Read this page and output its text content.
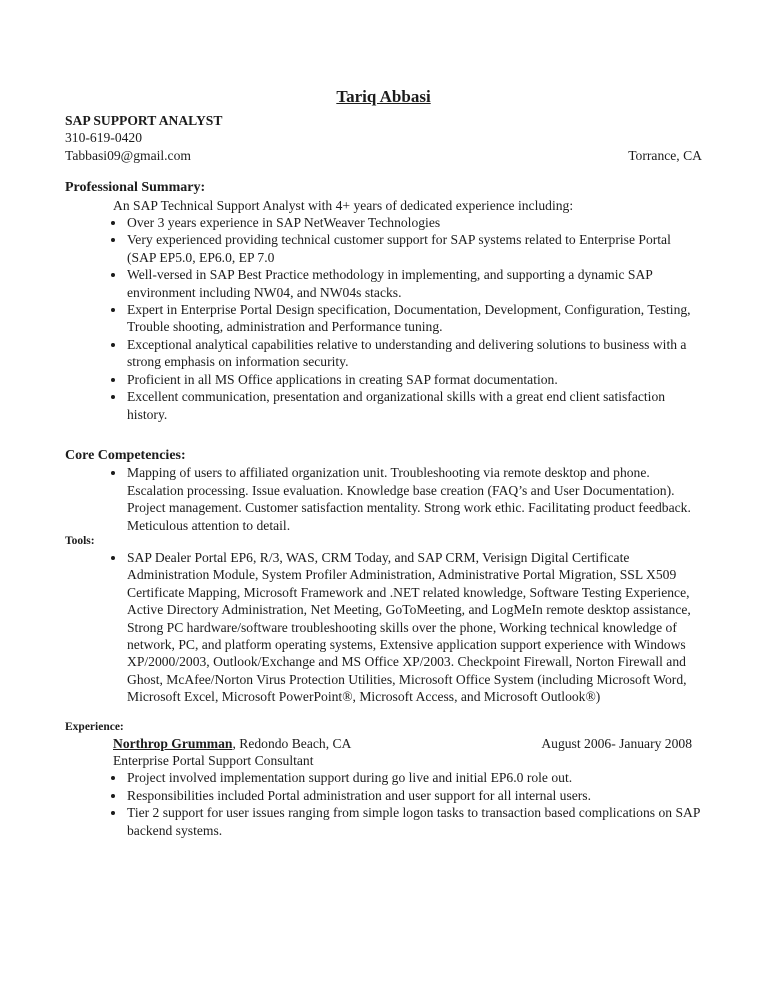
Tariq Abbasi
SAP SUPPORT ANALYST
310-619-0420
Tabbasi09@gmail.com	Torrance, CA
Professional Summary:

An SAP Technical Support Analyst with 4+ years of dedicated experience including:

• Over 3 years experience in SAP NetWeaver Technologies
• Very experienced providing technical customer support for SAP systems related to Enterprise Portal (SAP EP5.0, EP6.0, EP 7.0
• Well-versed in SAP Best Practice methodology in implementing, and supporting a dynamic SAP environment including NW04, and NW04s stacks.
• Expert in Enterprise Portal Design specification, Documentation, Development, Configuration, Testing, Trouble shooting, administration and Performance tuning.
• Exceptional analytical capabilities relative to understanding and delivering solutions to business with a strong emphasis on information security.
• Proficient in all MS Office applications in creating SAP format documentation.
• Excellent communication, presentation and organizational skills with a great end client satisfaction history.
Core Competencies:
• Mapping of users to affiliated organization unit. Troubleshooting via remote desktop and phone. Escalation processing. Issue evaluation. Knowledge base creation (FAQ’s and User Documentation). Project management. Customer satisfaction mentality. Strong work ethic. Facilitating product feedback. Meticulous attention to detail.
Tools:
• SAP Dealer Portal EP6, R/3, WAS, CRM Today, and SAP CRM, Verisign Digital Certificate Administration Module, System Profiler Administration, Administrative Portal Migration, SSL X509 Certificate Mapping, Microsoft Framework and .NET related knowledge, Software Testing Experience, Active Directory Administration, Net Meeting, GoToMeeting, and LogMeIn remote desktop assistance, Strong PC hardware/software troubleshooting skills over the phone, Working technical knowledge of network, PC, and platform operating systems, Extensive application support experience with Windows XP/2000/2003, Outlook/Exchange and MS Office XP/2003. Checkpoint Firewall, Norton Firewall and Ghost, McAfee/Norton Virus Protection Utilities, Microsoft Office System (including Microsoft Word, Microsoft Excel, Microsoft PowerPoint®, Microsoft Access, and Microsoft Outlook®)
Experience:
Northrop Grumman, Redondo Beach, CA	August 2006- January 2008
Enterprise Portal Support Consultant
• Project involved implementation support during go live and initial EP6.0 role out.
• Responsibilities included Portal administration and user support for all internal users.
• Tier 2 support for user issues ranging from simple logon tasks to transaction based complications on SAP backend systems.
